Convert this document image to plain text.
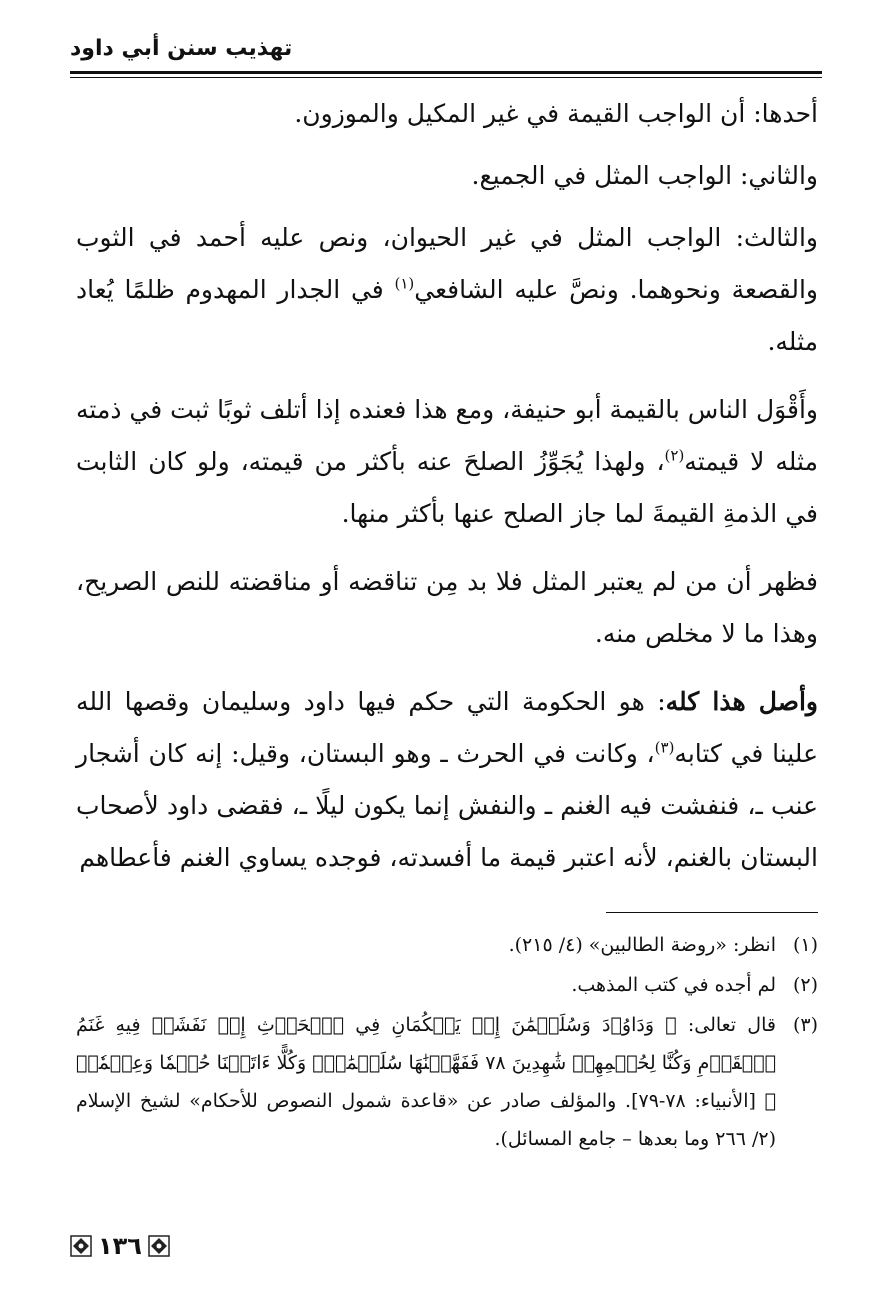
تهذيب سنن أبي داود

أحدها: أن الواجب القيمة في غير المكيل والموزون.

والثاني: الواجب المثل في الجميع.

والثالث: الواجب المثل في غير الحيوان، ونص عليه أحمد في الثوب والقصعة ونحوهما. ونصَّ عليه الشافعي$^{(١)}$ في الجدار المهدوم ظلمًا يُعاد مثله.

وأَقْوَل الناس بالقيمة أبو حنيفة، ومع هذا فعنده إذا أتلف ثوبًا ثبت في ذمته مثله لا قيمته$^{(٢)}$، ولهذا يُجَوِّزُ الصلحَ عنه بأكثر من قيمته، ولو كان الثابت في الذمةِ القيمةَ لما جاز الصلح عنها بأكثر منها.

فظهر أن من لم يعتبر المثل فلا بد مِن تناقضه أو مناقضته للنص الصريح، وهذا ما لا مخلص منه.

وأصل هذا كله: هو الحكومة التي حكم فيها داود وسليمان وقصها الله علينا في كتابه$^{(٣)}$، وكانت في الحرث ـ وهو البستان، وقيل: إنه كان أشجار عنب ـ، فنفشت فيه الغنم ـ والنفش إنما يكون ليلًا ـ، فقضى داود لأصحاب البستان بالغنم، لأنه اعتبر قيمة ما أفسدته، فوجده يساوي الغنم فأعطاهم

(١)
انظر: «روضة الطالبين» (٤/ ٢١٥).
(٢)
لم أجده في كتب المذهب.
(٣)
قال تعالى: ﴿ وَدَاوُۥدَ وَسُلَيۡمَٰنَ إِذۡ يَحۡكُمَانِ فِي ٱلۡحَرۡثِ إِذۡ نَفَشَتۡ فِيهِ غَنَمُ ٱلۡقَوۡمِ وَكُنَّا لِحُكۡمِهِمۡ شَٰهِدِينَ ٧٨ فَفَهَّمۡنَٰهَا سُلَيۡمَٰنَۚ وَكُلًّا ءَاتَيۡنَا حُكۡمٗا وَعِلۡمٗاۚ ﴾ [الأنبياء: ٧٨-٧٩]. والمؤلف صادر عن «قاعدة شمول النصوص للأحكام» لشيخ الإسلام (٢/ ٢٦٦ وما بعدها – جامع المسائل).
١٣٦
